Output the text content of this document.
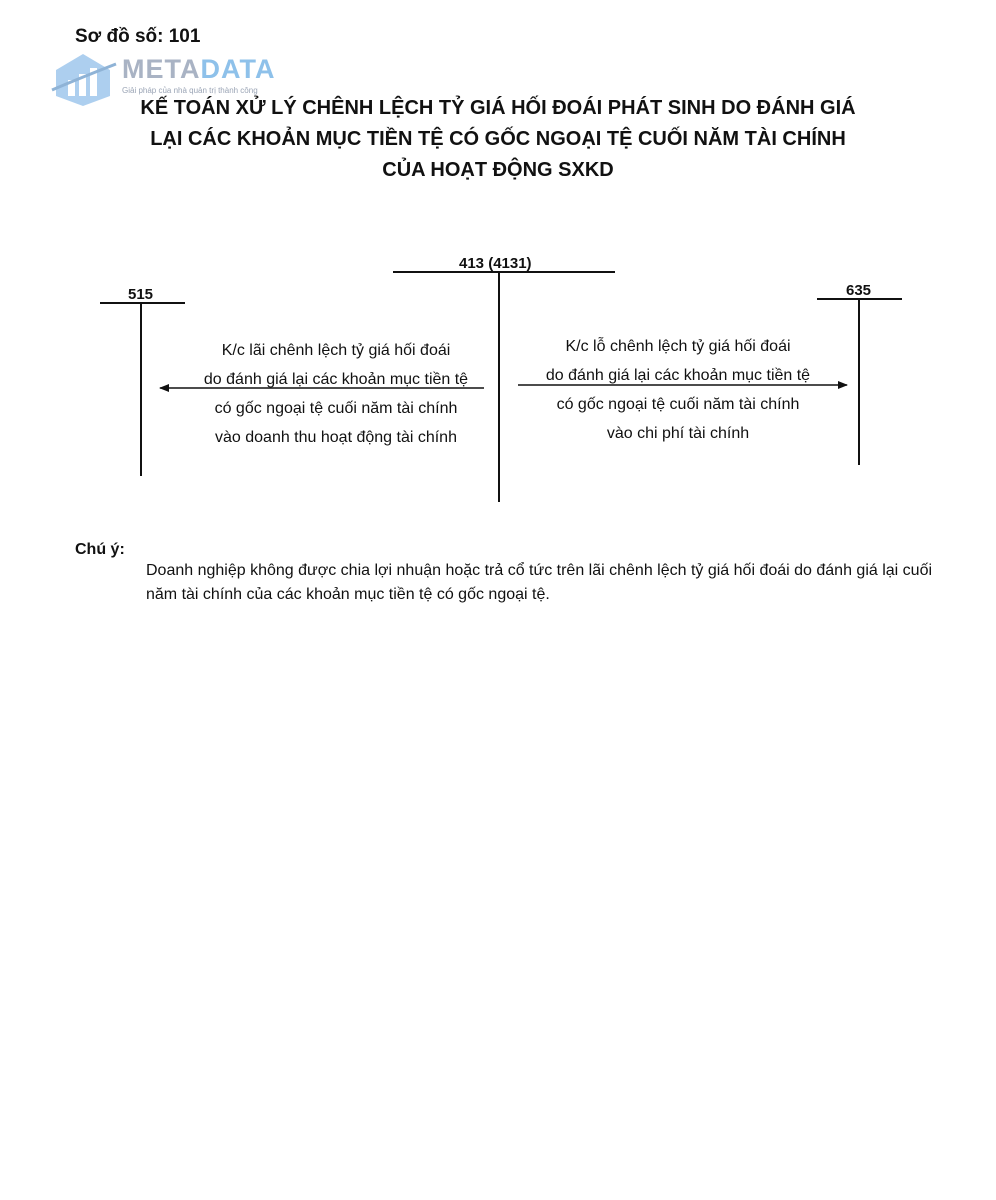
Sơ đồ số: 101
METADATA
Giải pháp của nhà quản trị thành công
KẾ TOÁN XỬ LÝ CHÊNH LỆCH TỶ GIÁ HỐI ĐOÁI PHÁT SINH DO ĐÁNH GIÁ
LẠI CÁC KHOẢN MỤC TIỀN TỆ CÓ GỐC NGOẠI TỆ CUỐI NĂM TÀI CHÍNH
CỦA HOẠT ĐỘNG SXKD
413 (4131)
515	635
K/c lãi chênh lệch tỷ giá hối đoái
do đánh giá lại các khoản mục tiền tệ
có gốc ngoại tệ cuối năm tài chính
vào doanh thu hoạt động tài chính
K/c lỗ chênh lệch tỷ giá hối đoái
do đánh giá lại các khoản mục tiền tệ
có gốc ngoại tệ cuối năm tài chính
vào chi phí tài chính
Chú ý:
Doanh nghiệp không được chia lợi nhuận hoặc trả cổ tức trên lãi chênh lệch tỷ giá hối đoái do đánh giá lại cuối năm tài chính của các khoản mục tiền tệ có gốc ngoại tệ.
